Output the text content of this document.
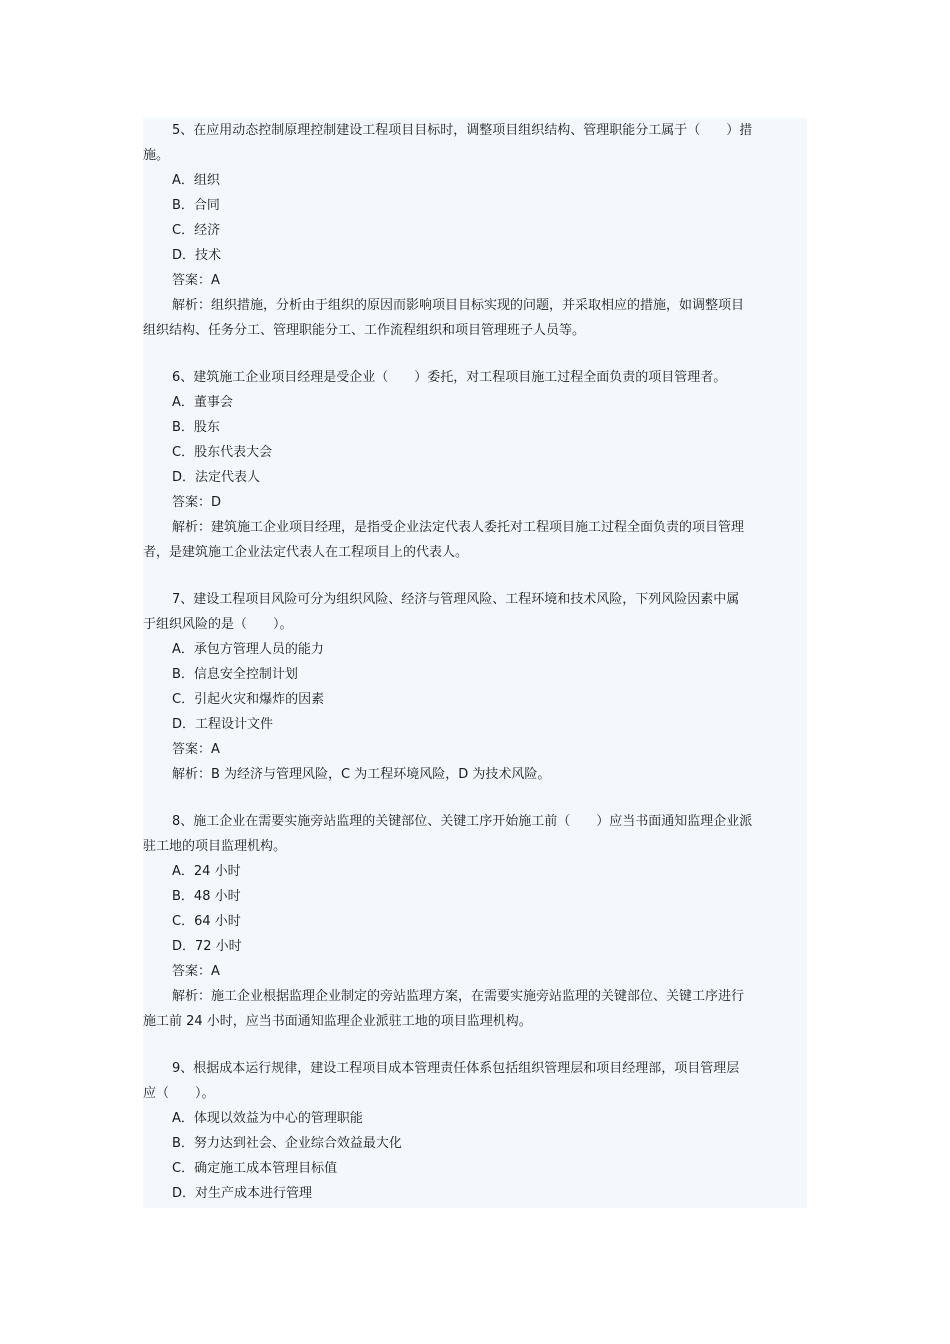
5、在应用动态控制原理控制建设工程项目目标时，调整项目组织结构、管理职能分工属于（　　）措
施。
A．组织
B．合同
C．经济
D．技术
答案：A
解析：组织措施，分析由于组织的原因而影响项目目标实现的问题，并采取相应的措施，如调整项目
组织结构、任务分工、管理职能分工、工作流程组织和项目管理班子人员等。
6、建筑施工企业项目经理是受企业（　　）委托，对工程项目施工过程全面负责的项目管理者。
A．董事会
B．股东
C．股东代表大会
D．法定代表人
答案：D
解析：建筑施工企业项目经理，是指受企业法定代表人委托对工程项目施工过程全面负责的项目管理
者，是建筑施工企业法定代表人在工程项目上的代表人。
7、建设工程项目风险可分为组织风险、经济与管理风险、工程环境和技术风险，下列风险因素中属
于组织风险的是（　　）。
A．承包方管理人员的能力
B．信息安全控制计划
C．引起火灾和爆炸的因素
D．工程设计文件
答案：A
解析：B 为经济与管理风险，C 为工程环境风险，D 为技术风险。
8、施工企业在需要实施旁站监理的关键部位、关键工序开始施工前（　　）应当书面通知监理企业派
驻工地的项目监理机构。
A．24 小时
B．48 小时
C．64 小时
D．72 小时
答案：A
解析：施工企业根据监理企业制定的旁站监理方案，在需要实施旁站监理的关键部位、关键工序进行
施工前 24 小时，应当书面通知监理企业派驻工地的项目监理机构。
9、根据成本运行规律，建设工程项目成本管理责任体系包括组织管理层和项目经理部，项目管理层
应（　　）。
A．体现以效益为中心的管理职能
B．努力达到社会、企业综合效益最大化
C．确定施工成本管理目标值
D．对生产成本进行管理
